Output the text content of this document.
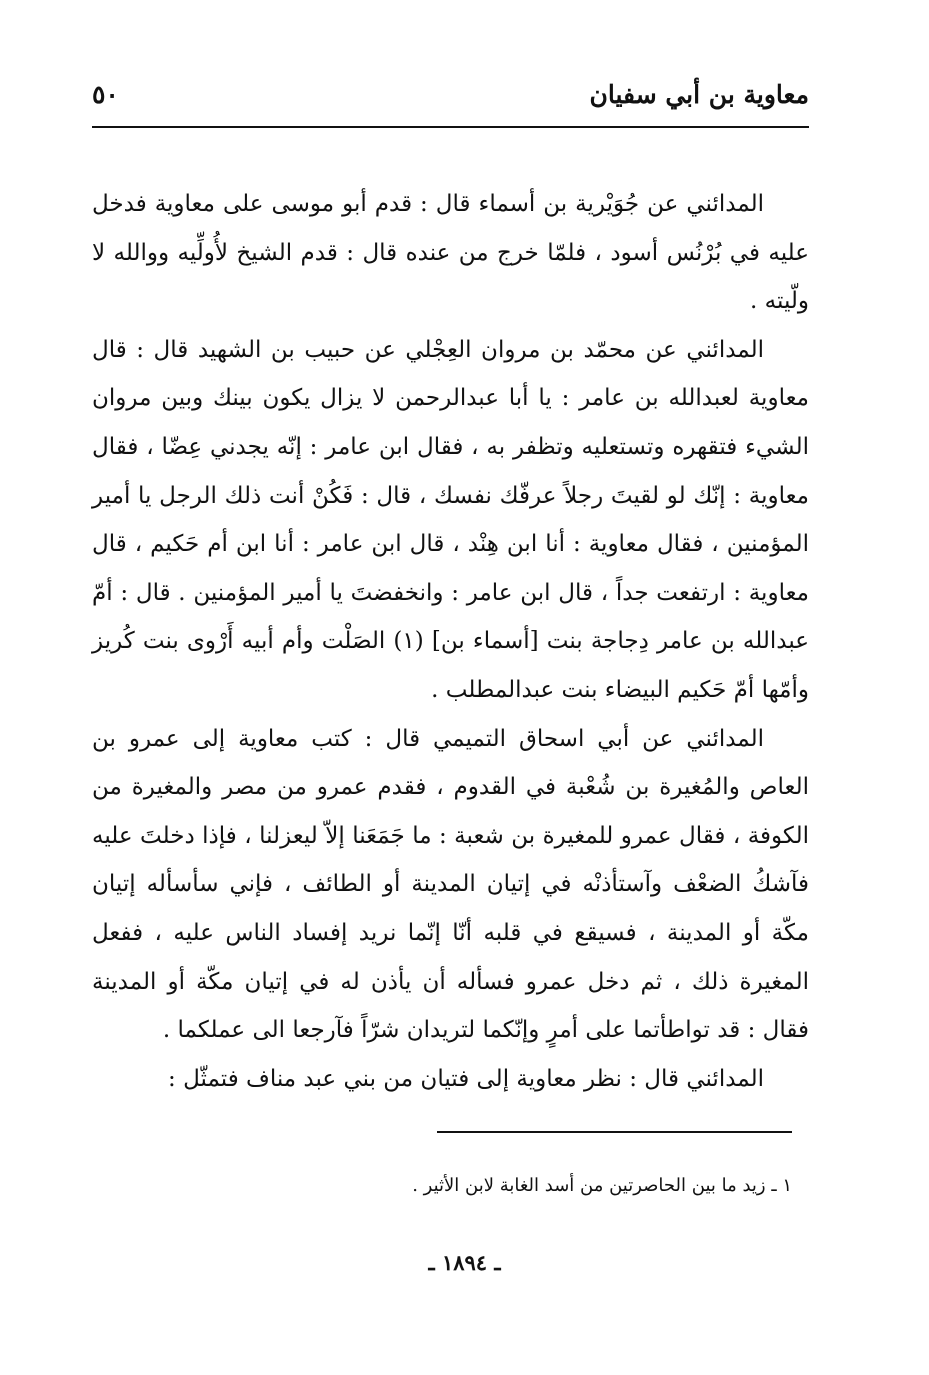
معاوية بن أبي سفيان
٥٠

المدائني عن جُوَيْرية بن أسماء قال : قدم أبو موسى على معاوية فدخل عليه في بُرْنُس أسود ، فلمّا خرج من عنده قال : قدم الشيخ لأُولِّيه ووالله لا ولّيته .

المدائني عن محمّد بن مروان العِجْلي عن حبيب بن الشهيد قال : قال معاوية لعبدالله بن عامر : يا أبا عبدالرحمن لا يزال يكون بينك وبين مروان الشيء فتقهره وتستعليه وتظفر به ، فقال ابن عامر : إنّه يجدني عِضّا ، فقال معاوية : إنّك لو لقيتَ رجلاً عرفّك نفسك ، قال : فَكُنْ أنت ذلك الرجل يا أمير المؤمنين ، فقال معاوية : أنا ابن هِنْد ، قال ابن عامر : أنا ابن أم حَكيم ، قال معاوية : ارتفعت جداً ، قال ابن عامر : وانخفضتَ يا أمير المؤمنين . قال : أمّ عبدالله بن عامر دِجاجة بنت [أسماء بن] (١) الصَلْت وأم أبيه أَرْوى بنت كُريز وأمّها أمّ حَكيم البيضاء بنت عبدالمطلب .

المدائني عن أبي اسحاق التميمي قال : كتب معاوية إلى عمرو بن العاص والمُغيرة بن شُعْبة في القدوم ، فقدم عمرو من مصر والمغيرة من الكوفة ، فقال عمرو للمغيرة بن شعبة : ما جَمَعَنا إلاّ ليعزلنا ، فإذا دخلتَ عليه فآشكُ الضعْف وآستأذنْه في إتيان المدينة أو الطائف ، فإني سأسأله إتيان مكّة أو المدينة ، فسيقع في قلبه أنّا إنّما نريد إفساد الناس عليه ، ففعل المغيرة ذلك ، ثم دخل عمرو فسأله أن يأذن له في إتيان مكّة أو المدينة فقال : قد تواطأتما على أمرٍ وإنّكما لتريدان شرّاً فآرجعا الى عملكما .

المدائني قال : نظر معاوية إلى فتيان من بني عبد مناف فتمثّل :

١ ـ زيد ما بين الحاصرتين من أسد الغابة لابن الأثير .
ـ ١٨٩٤ ـ
